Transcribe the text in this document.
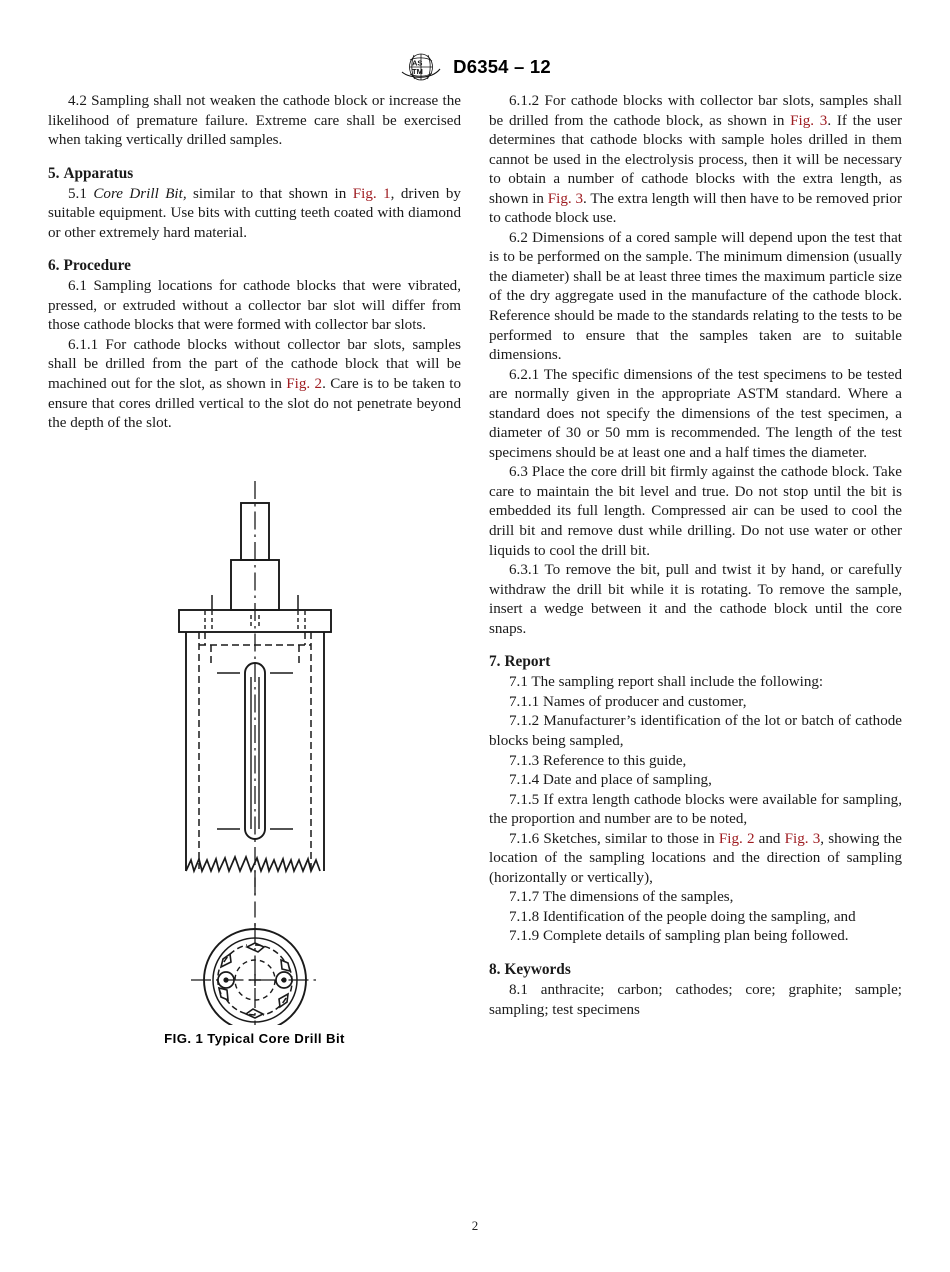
AS
TM D6354 – 12

4.2 Sampling shall not weaken the cathode block or increase the likelihood of premature failure. Extreme care shall be exercised when taking vertically drilled samples.

5. Apparatus

5.1 Core Drill Bit, similar to that shown in Fig. 1, driven by suitable equipment. Use bits with cutting teeth coated with diamond or other extremely hard material.

6. Procedure

6.1 Sampling locations for cathode blocks that were vibrated, pressed, or extruded without a collector bar slot will differ from those cathode blocks that were formed with collector bar slots.

6.1.1 For cathode blocks without collector bar slots, samples shall be drilled from the part of the cathode block that will be machined out for the slot, as shown in Fig. 2. Care is to be taken to ensure that cores drilled vertical to the slot do not penetrate beyond the depth of the slot.

FIG. 1 Typical Core Drill Bit

6.1.2 For cathode blocks with collector bar slots, samples shall be drilled from the cathode block, as shown in Fig. 3. If the user determines that cathode blocks with sample holes drilled in them cannot be used in the electrolysis process, then it will be necessary to obtain a number of cathode blocks with the extra length, as shown in Fig. 3. The extra length will then have to be removed prior to cathode block use.

6.2 Dimensions of a cored sample will depend upon the test that is to be performed on the sample. The minimum dimension (usually the diameter) shall be at least three times the maximum particle size of the dry aggregate used in the manufacture of the cathode block. Reference should be made to the standards relating to the tests to be performed to ensure that the samples taken are to suitable dimensions.

6.2.1 The specific dimensions of the test specimens to be tested are normally given in the appropriate ASTM standard. Where a standard does not specify the dimensions of the test specimen, a diameter of 30 or 50 mm is recommended. The length of the test specimens should be at least one and a half times the diameter.

6.3 Place the core drill bit firmly against the cathode block. Take care to maintain the bit level and true. Do not stop until the bit is embedded its full length. Compressed air can be used to cool the drill bit and remove dust while drilling. Do not use water or other liquids to cool the drill bit.

6.3.1 To remove the bit, pull and twist it by hand, or carefully withdraw the drill bit while it is rotating. To remove the sample, insert a wedge between it and the cathode block until the core snaps.

7. Report

7.1 The sampling report shall include the following:

7.1.1 Names of producer and customer,

7.1.2 Manufacturer’s identification of the lot or batch of cathode blocks being sampled,

7.1.3 Reference to this guide,

7.1.4 Date and place of sampling,

7.1.5 If extra length cathode blocks were available for sampling, the proportion and number are to be noted,

7.1.6 Sketches, similar to those in Fig. 2 and Fig. 3, showing the location of the sampling locations and the direction of sampling (horizontally or vertically),

7.1.7 The dimensions of the samples,

7.1.8 Identification of the people doing the sampling, and

7.1.9 Complete details of sampling plan being followed.

8. Keywords

8.1 anthracite; carbon; cathodes; core; graphite; sample; sampling; test specimens

2
